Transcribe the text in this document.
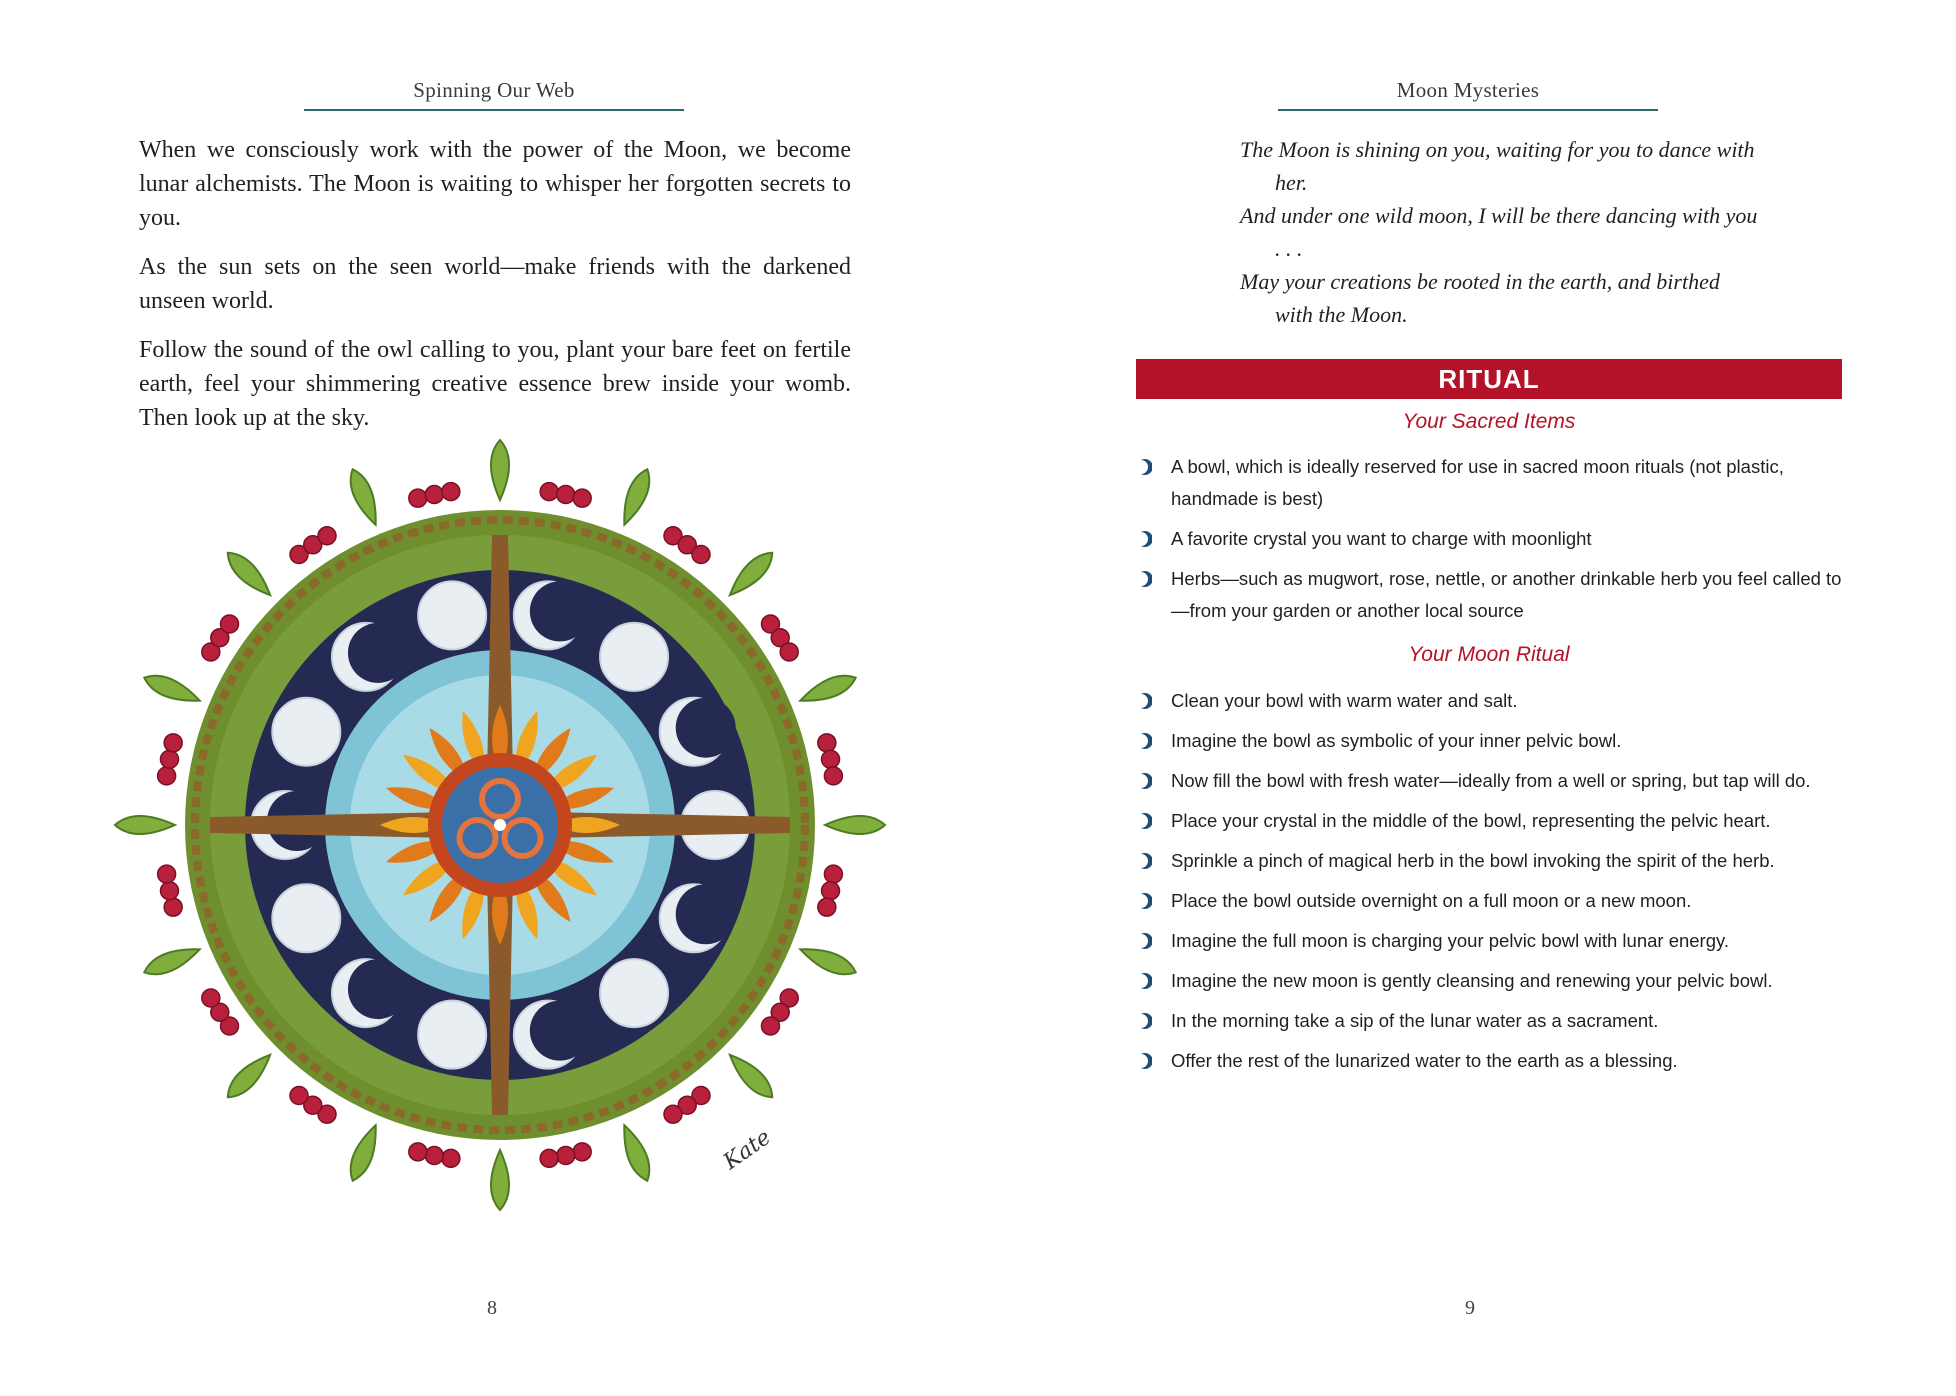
Spinning Our Web

When we consciously work with the power of the Moon, we become lunar alchemists. The Moon is waiting to whisper her forgotten secrets to you.

As the sun sets on the seen world—make friends with the darkened unseen world.

Follow the sound of the owl calling to you, plant your bare feet on fertile earth, feel your shimmering creative essence brew inside your womb. Then look up at the sky.

Kate
8
Moon Mysteries
The Moon is shining on you, waiting for you to dance with her.
And under one wild moon, I will be there dancing with you . . .
May your creations be rooted in the earth, and birthed with the Moon.
RITUAL
Your Sacred Items
A bowl, which is ideally reserved for use in sacred moon rituals (not plastic, handmade is best)
A favorite crystal you want to charge with moonlight
Herbs—such as mugwort, rose, nettle, or another drinkable herb you feel called to—from your garden or another local source
Your Moon Ritual
Clean your bowl with warm water and salt.
Imagine the bowl as symbolic of your inner pelvic bowl.
Now fill the bowl with fresh water—ideally from a well or spring, but tap will do.
Place your crystal in the middle of the bowl, representing the pelvic heart.
Sprinkle a pinch of magical herb in the bowl invoking the spirit of the herb.
Place the bowl outside overnight on a full moon or a new moon.
Imagine the full moon is charging your pelvic bowl with lunar energy.
Imagine the new moon is gently cleansing and renewing your pelvic bowl.
In the morning take a sip of the lunar water as a sacrament.
Offer the rest of the lunarized water to the earth as a blessing.
9
